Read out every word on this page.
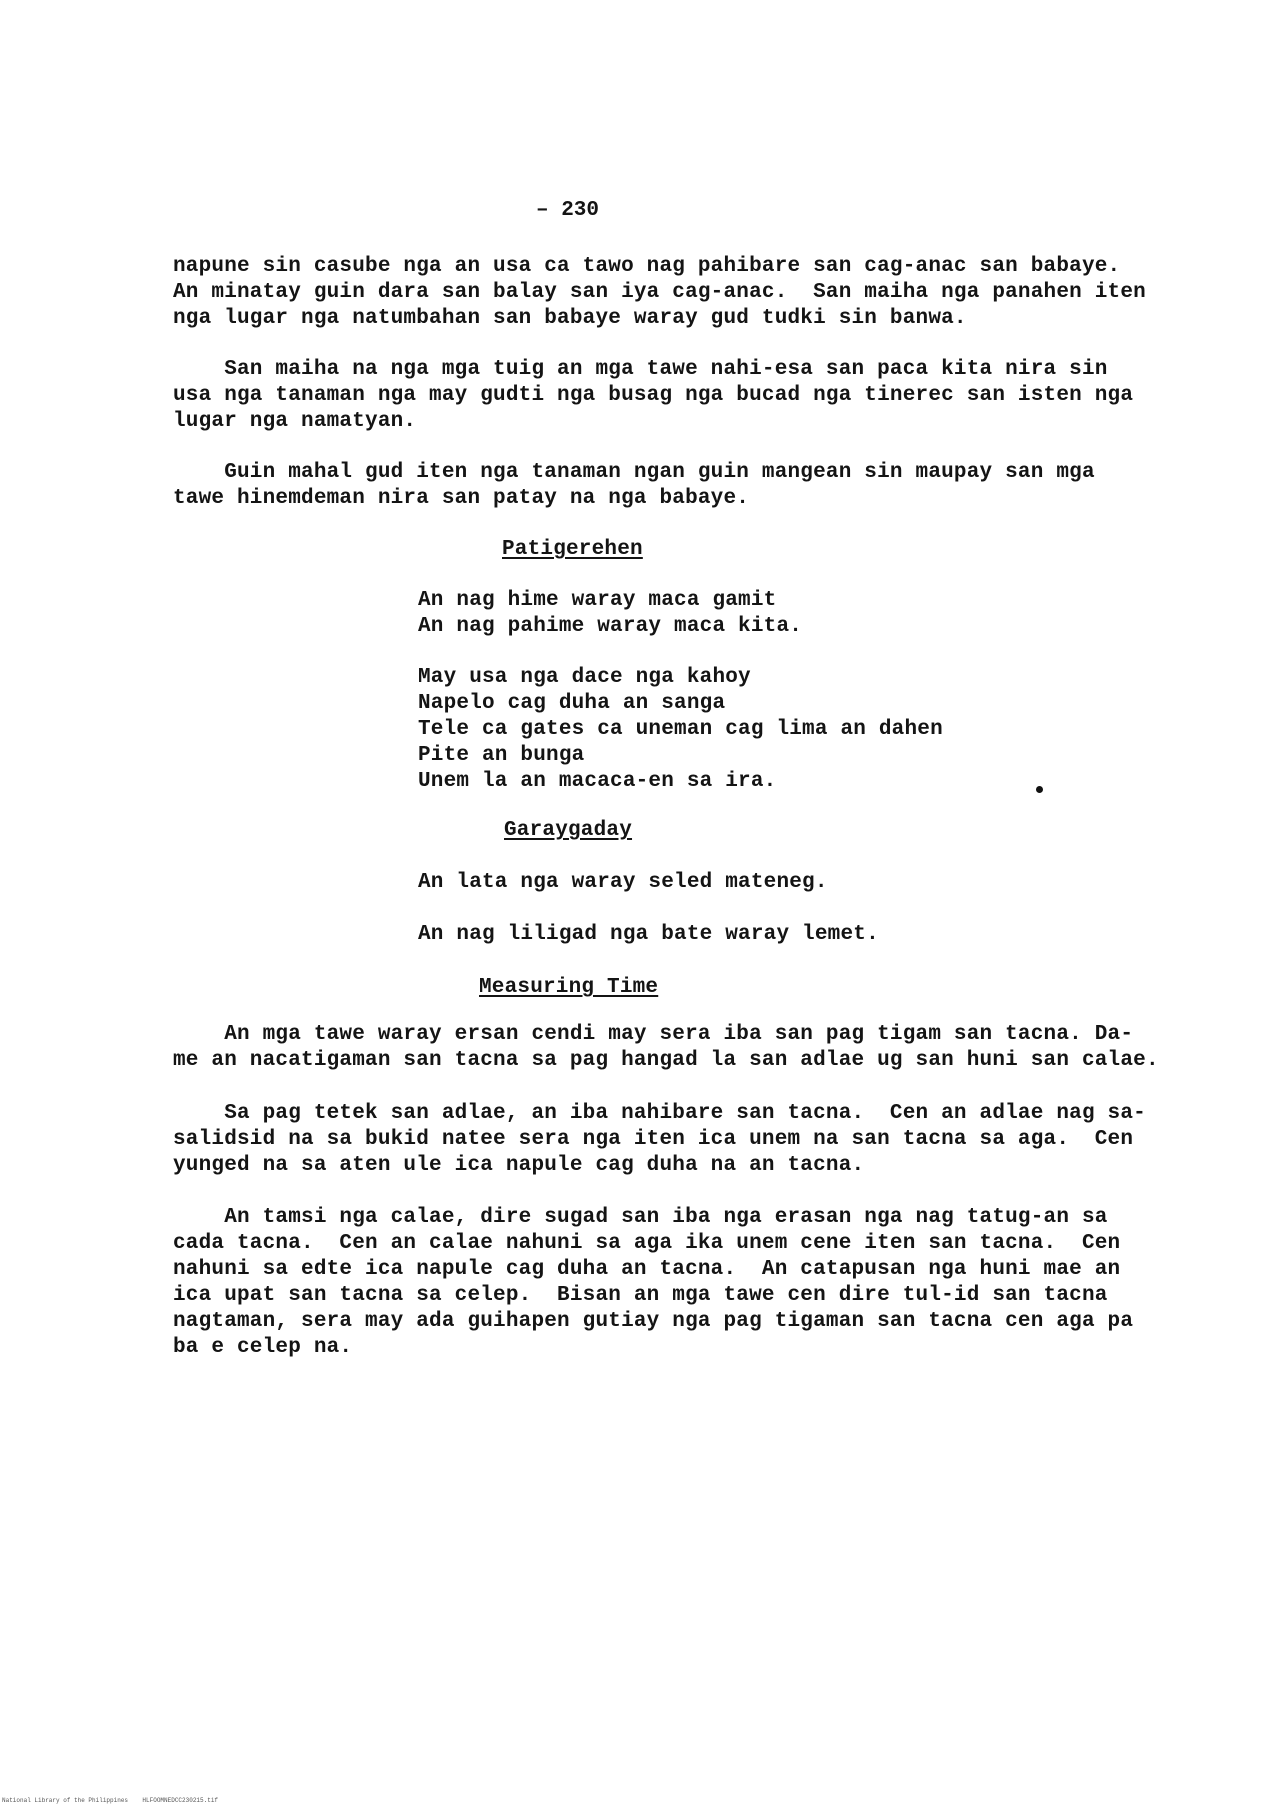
– 230

napune sin casube nga an usa ca tawo nag pahibare san cag-anac san babaye.

An minatay guin dara san balay san iya cag-anac.  San maiha nga panahen iten

nga lugar nga natumbahan san babaye waray gud tudki sin banwa.

San maiha na nga mga tuig an mga tawe nahi-esa san paca kita nira sin

usa nga tanaman nga may gudti nga busag nga bucad nga tinerec san isten nga

lugar nga namatyan.

Guin mahal gud iten nga tanaman ngan guin mangean sin maupay san mga

tawe hinemdeman nira san patay na nga babaye.

Patigerehen

An nag hime waray maca gamit

An nag pahime waray maca kita.

May usa nga dace nga kahoy

Napelo cag duha an sanga

Tele ca gates ca uneman cag lima an dahen

Pite an bunga

Unem la an macaca-en sa ira.

Garaygaday

An lata nga waray seled mateneg.

An nag liligad nga bate waray lemet.

Measuring Time

An mga tawe waray ersan cendi may sera iba san pag tigam san tacna. Da-

me an nacatigaman san tacna sa pag hangad la san adlae ug san huni san calae.

Sa pag tetek san adlae, an iba nahibare san tacna.  Cen an adlae nag sa-

salidsid na sa bukid natee sera nga iten ica unem na san tacna sa aga.  Cen

yunged na sa aten ule ica napule cag duha na an tacna.

An tamsi nga calae, dire sugad san iba nga erasan nga nag tatug-an sa

cada tacna.  Cen an calae nahuni sa aga ika unem cene iten san tacna.  Cen

nahuni sa edte ica napule cag duha an tacna.  An catapusan nga huni mae an

ica upat san tacna sa celep.  Bisan an mga tawe cen dire tul-id san tacna

nagtaman, sera may ada guihapen gutiay nga pag tigaman san tacna cen aga pa

ba e celep na.

National Library of the Philippines    HLFOOMNEDCC230215.tif
